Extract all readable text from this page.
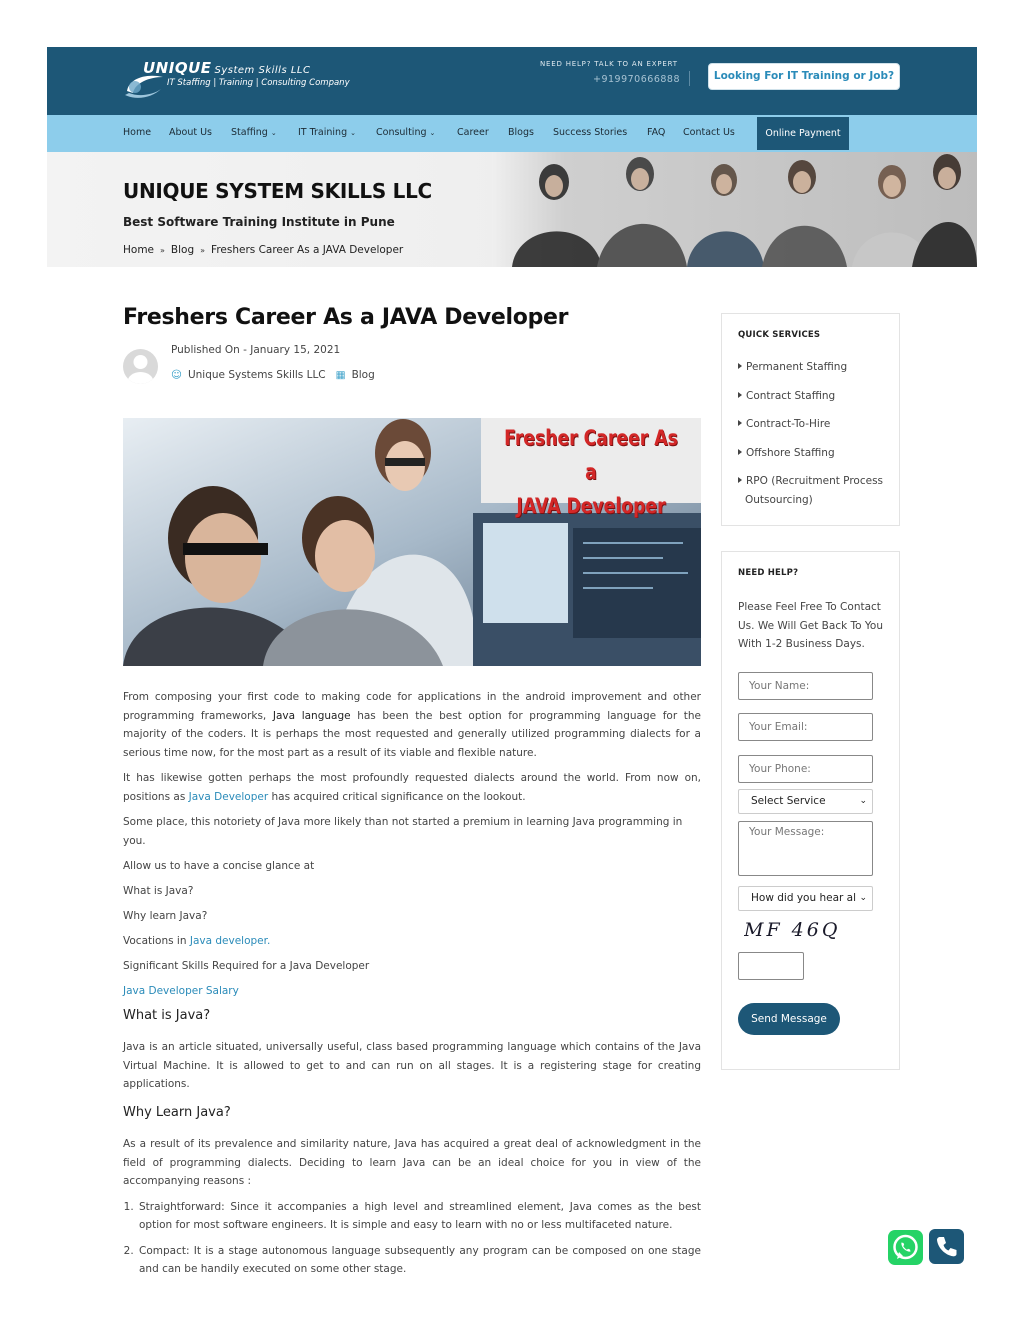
UNIQUE System Skills LLC
IT Staffing | Training | Consulting Company
NEED HELP? TALK TO AN EXPERT
+919970666888	Looking For IT Training or Job?
Home About Us Staffing ⌄ IT Training ⌄ Consulting ⌄ Career Blogs Success Stories FAQ Contact Us	Online Payment
UNIQUE SYSTEM SKILLS LLC
Best Software Training Institute in Pune
Home » Blog » Freshers Career As a JAVA Developer
Freshers Career As a JAVA Developer
Published On - January 15, 2021
☺ Unique Systems Skills LLC ▦ Blog
Fresher Career As a
JAVA Developer

From composing your first code to making code for applications in the android improvement and other programming frameworks, Java language has been the best option for programming language for the majority of the coders. It is perhaps the most requested and generally utilized programming dialects for a serious time now, for the most part as a result of its viable and flexible nature.

It has likewise gotten perhaps the most profoundly requested dialects around the world. From now on, positions as Java Developer has acquired critical significance on the lookout.

Some place, this notoriety of Java more likely than not started a premium in learning Java programming in you.

Allow us to have a concise glance at

What is Java?

Why learn Java?

Vocations in Java developer.

Significant Skills Required for a Java Developer

Java Developer Salary

What is Java?

Java is an article situated, universally useful, class based programming language which contains of the Java Virtual Machine. It is allowed to get to and can run on all stages. It is a registering stage for creating applications.

Why Learn Java?

As a result of its prevalence and similarity nature, Java has acquired a great deal of acknowledgment in the field of programming dialects. Deciding to learn Java can be an ideal choice for you in view of the accompanying reasons :

1. Straightforward: Since it accompanies a high level and streamlined element, Java comes as the best option for most software engineers. It is simple and easy to learn with no or less multifaceted nature.
2. Compact: It is a stage autonomous language subsequently any program can be composed on one stage and can be handily executed on some other stage.
QUICK SERVICES
Permanent Staffing
Contract Staffing
Contract-To-Hire
Offshore Staffing
RPO (Recruitment Process
Outsourcing)
NEED HELP?
Please Feel Free To Contact Us. We Will Get Back To You With 1-2 Business Days.
Your Name:
Your Email:
Your Phone:
Select Service	⌄
Your Message:
How did you hear al ⌄
MF 46Q
Send Message
